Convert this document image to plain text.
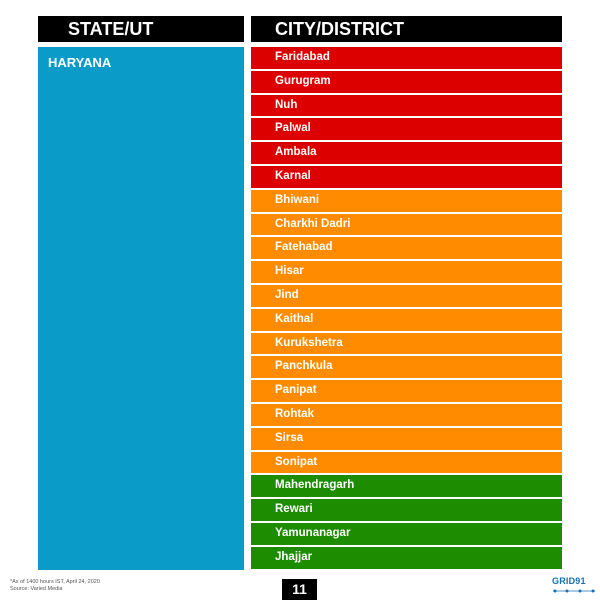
STATE/UT	CITY/DISTRICT
HARYANA	Faridabad
Gurugram
Nuh
Palwal
Ambala
Karnal
Bhiwani
Charkhi Dadri
Fatehabad
Hisar
Jind
Kaithal
Kurukshetra
Panchkula
Panipat
Rohtak
Sirsa
Sonipat
Mahendragarh
Rewari
Yamunanagar
Jhajjar
*As of 1400 hours IST, April 24, 2020
Source: Varied Media	11	GRID91
